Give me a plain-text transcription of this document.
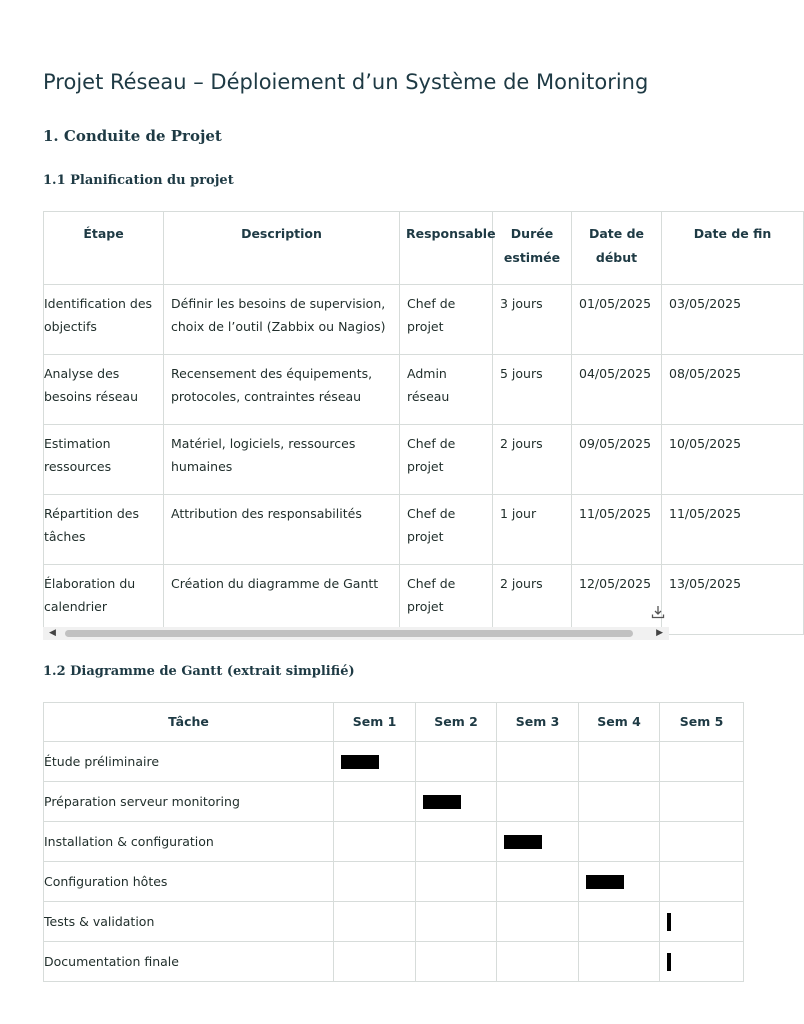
Projet Réseau – Déploiement d’un Système de Monitoring
1. Conduite de Projet
1.1 Planification du projet
Étape	Description	Responsable	Durée estimée	Date de début	Date de fin
Identification des objectifs	Définir les besoins de supervision, choix de l’outil (Zabbix ou Nagios)	Chef de projet	3 jours	01/05/2025	03/05/2025
Analyse des besoins réseau	Recensement des équipements, protocoles, contraintes réseau	Admin réseau	5 jours	04/05/2025	08/05/2025
Estimation ressources	Matériel, logiciels, ressources humaines	Chef de projet	2 jours	09/05/2025	10/05/2025
Répartition des tâches	Attribution des responsabilités	Chef de projet	1 jour	11/05/2025	11/05/2025
Élaboration du calendrier	Création du diagramme de Gantt	Chef de projet	2 jours	12/05/2025	13/05/2025
◀	▶
1.2 Diagramme de Gantt (extrait simplifié)
Tâche	Sem 1	Sem 2	Sem 3	Sem 4	Sem 5
Étude préliminaire					
Préparation serveur monitoring					
Installation & configuration					
Configuration hôtes					
Tests & validation					
Documentation finale					
